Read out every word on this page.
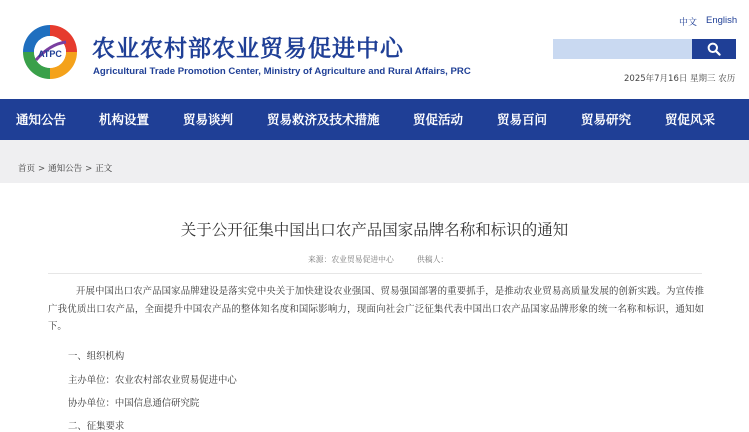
ATPC 农业农村部农业贸易促进中心
Agricultural Trade Promotion Center, Ministry of Agriculture and Rural Affairs, PRC
中文 English
2025年7月16日 星期三 农历
通知公告	机构设置	贸易谈判	贸易救济及技术措施	贸促活动	贸易百问	贸易研究	贸促风采
首页 > 通知公告 > 正文
关于公开征集中国出口农产品国家品牌名称和标识的通知
来源：农业贸易促进中心	供稿人：

开展中国出口农产品国家品牌建设是落实党中央关于加快建设农业强国、贸易强国部署的重要抓手，是推动农业贸易高质量发展的创新实践。为宣传推广我优质出口农产品，全面提升中国农产品的整体知名度和国际影响力，现面向社会广泛征集代表中国出口农产品国家品牌形象的统一名称和标识，通知如下。

一、组织机构
主办单位：农业农村部农业贸易促进中心
协办单位：中国信息通信研究院
二、征集要求
